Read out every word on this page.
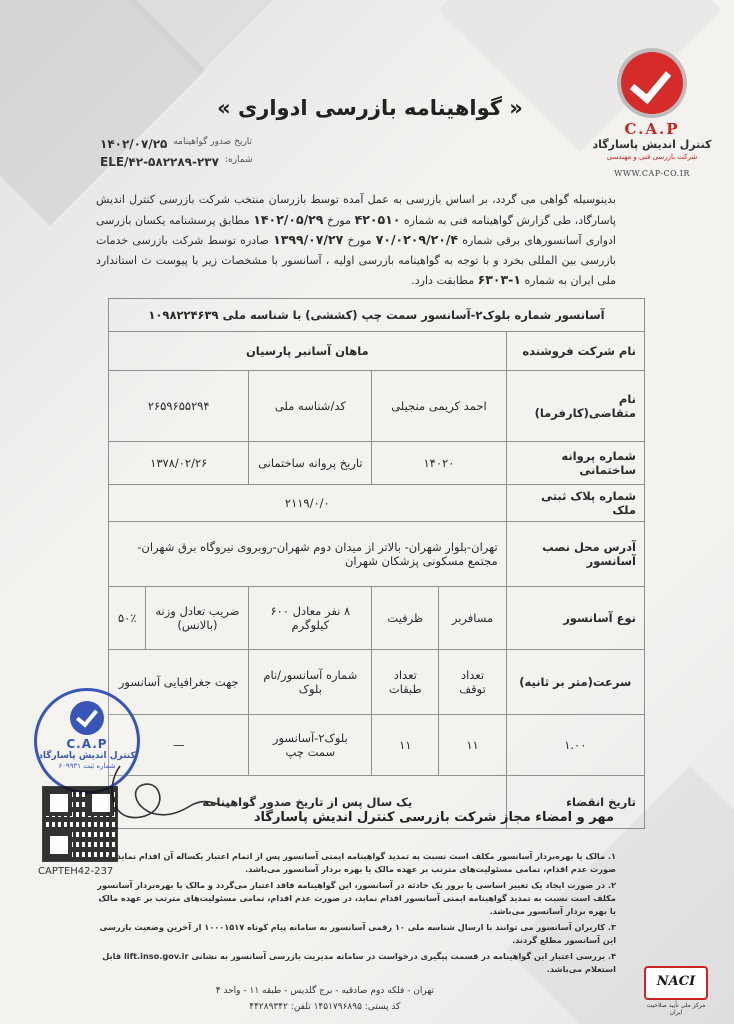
C.A.P
کنترل اندیش پاسارگاد
شرکت بازرسی فنی و مهندسی
WWW.CAP-CO.IR
« گواهینامه بازرسی ادواری »
۱۴۰۲/۰۷/۲۵ تاریخ صدور گواهینامه
ELE/۴۲-۵۸۲۲۸۹-۲۳۷ شماره:
بدینوسیله گواهی می گردد، بر اساس بازرسی به عمل آمده توسط بازرسان منتخب شرکت بازرسی کنترل اندیش پاسارگاد، طی گزارش گواهینامه فنی به شماره ۴۲۰۵۱۰ مورخ ۱۴۰۲/۰۵/۲۹ مطابق پرسشنامه یکسان بازرسی ادواری آسانسورهای برقی شماره ۷۰/۰۲۰۹/۲۰/۴ مورخ ۱۳۹۹/۰۷/۲۷ صادره توسط شرکت بازرسی خدمات بازرسی بین المللی بخرد و با توجه به گواهینامه بازرسی اولیه ، آسانسور با مشخصات زیر با پیوست ث استاندارد ملی ایران به شماره ۱-۶۳۰۳ مطابقت دارد.
آسانسور شماره بلوک۲-آسانسور سمت چپ (کششی) با شناسه ملی ۱۰۹۸۲۲۴۶۳۹					
نام شرکت فروشنده	ماهان آسانبر پارسیان				
نام متقاضی(کارفرما)	احمد کریمی منجیلی		کد/شناسه ملی	۲۶۵۹۶۵۵۲۹۴	
شماره پروانه ساختمانی	۱۴۰۲۰		تاریخ پروانه ساختمانی	۱۳۷۸/۰۲/۲۶	
شماره پلاک ثبتی ملک	۲۱۱۹/۰/۰				
آدرس محل نصب آسانسور	تهران-بلوار شهران- بالاتر از میدان دوم شهران-روبروی نیروگاه برق شهران-مجتمع مسکونی پزشکان شهران				
نوع آسانسور	مسافربر	ظرفیت	۸ نفر معادل ۶۰۰ کیلوگرم	ضریب تعادل وزنه (بالانس)	۵۰٪
سرعت(متر بر ثانیه)	تعداد توقف	تعداد طبقات	شماره آسانسور/نام بلوک	جهت جغرافیایی آسانسور	
۱.۰۰	۱۱	۱۱	بلوک۲-آسانسور سمت چپ	—	
تاریخ انقضاء	یک سال پس از تاریخ صدور گواهینامه				
C.A.P
کنترل اندیش پاسارگاد
شماره ثبت ۶۰۹۹۳۱
مهر و امضاء مجاز شرکت بازرسی کنترل اندیش پاسارگاد
CAPTEH42-237
۱. مالک یا بهره‌بردار آسانسور مکلف است نسبت به تمدید گواهینامه ایمنی آسانسور پس از اتمام اعتبار یکساله آن اقدام نماید، در صورت عدم اقدام، تمامی مسئولیت‌های مترتب بر عهده مالک یا بهره بردار آسانسور می‌باشد.
۲. در صورت ایجاد یک تغییر اساسی یا بروز یک حادثه در آسانسور، این گواهینامه فاقد اعتبار می‌گردد و مالک یا بهره‌بردار آسانسور مکلف است نسبت به تمدید گواهینامه ایمنی آسانسور اقدام نماید، در صورت عدم اقدام، تمامی مسئولیت‌های مترتب بر عهده مالک یا بهره بردار آسانسور می‌باشد.
۳. کاربران آسانسور می توانند با ارسال شناسه ملی ۱۰ رقمی آسانسور به سامانه پیام کوتاه ۱۰۰۰۱۵۱۷ از آخرین وضعیت بازرسی این آسانسور مطلع گردند.
۴. بررسی اعتبار این گواهینامه در قسمت پیگیری درخواست در سامانه مدیریت بازرسی آسانسور به نشانی lift.inso.gov.ir قابل استعلام می‌باشد.
تهران - فلکه دوم صادقیه - برج گلدیس - طبقه ۱۱ - واحد ۴
کد پستی: ۱۴۵۱۷۹۶۸۹۵ تلفن: ۴۴۲۸۹۳۴۲
NACI
مرکز ملی تأیید صلاحیت ایران
